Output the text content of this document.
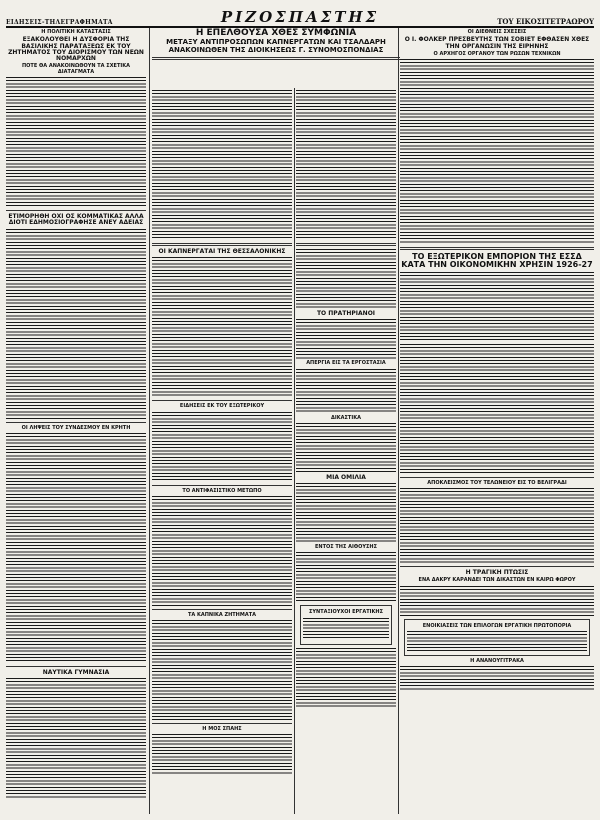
ΕΙΔΗΣΕΙΣ-ΤΗΛΕΓΡΑΦΗΜΑΤΑ	ΡΙΖΟΣΠΑΣΤΗΣ	ΤΟΥ ΕΙΚΟΣΙΤΕΤΡΑΩΡΟΥ
Η ΠΟΛΙΤΙΚΗ ΚΑΤΑΣΤΑΣΙΣ
ΕΞΑΚΟΛΟΥΘΕΙ Η ΔΥΣΦΟΡΙΑ ΤΗΣ ΒΑΣΙΛΙΚΗΣ ΠΑΡΑΤΑΞΕΩΣ ΕΚ ΤΟΥ ΖΗΤΗΜΑΤΟΣ ΤΟΥ ΔΙΟΡΙΣΜΟΥ ΤΩΝ ΝΕΩΝ ΝΟΜΑΡΧΩΝ
ΠΟΤΕ ΘΑ ΑΝΑΚΟΙΝΩΘΟΥΝ ΤΑ ΣΧΕΤΙΚΑ ΔΙΑΤΑΓΜΑΤΑ
ΕΤΙΜΟΡΗΘΗ ΟΧΙ ΟΣ ΚΟΜΜΑΤΙΚΑΣ ΑΛΛΑ ΔΙΟΤΙ ΕΔΗΜΟΣΙΟΓΡΑΦΗΣΕ ΑΝΕΥ ΑΔΕΙΑΣ
ΟΙ ΛΗΨΕΙΣ ΤΟΥ ΣΥΝΔΕΣΜΟΥ ΕΝ ΚΡΗΤΗ
ΝΑΥΤΙΚΑ ΓΥΜΝΑΣΙΑ
Η ΕΠΕΛΘΟΥΣΑ ΧΘΕΣ ΣΥΜΦΩΝΙΑ
ΜΕΤΑΞΥ ΑΝΤΙΠΡΟΣΩΠΩΝ ΚΑΠΝΕΡΓΑΤΩΝ ΚΑΙ ΤΣΑΛΔΑΡΗ
ΑΝΑΚΟΙΝΩΘΕΝ ΤΗΣ ΔΙΟΙΚΗΣΕΩΣ Γ. ΣΥΝΟΜΟΣΠΟΝΔΙΑΣ
ΟΙ ΚΑΠΝΕΡΓΑΤΑΙ ΤΗΣ ΘΕΣΣΑΛΟΝΙΚΗΣ
ΕΙΔΗΣΕΙΣ ΕΚ ΤΟΥ ΕΞΩΤΕΡΙΚΟΥ
ΤΟ ΑΝΤΙΦΑΣΙΣΤΙΚΟ ΜΕΤΩΠΟ
ΤΑ ΚΑΠΝΙΚΑ ΖΗΤΗΜΑΤΑ
Η ΜΟΣ ΣΠΑΗΣ
ΤΟ ΠΡΑΤΗΡΙΑΝΟΙ
ΑΠΕΡΓΙΑ ΕΙΣ ΤΑ ΕΡΓΟΣΤΑΣΙΑ
ΔΙΚΑΣΤΙΚΑ
ΜΙΑ ΟΜΙΛΙΑ
ΕΝΤΟΣ ΤΗΣ ΑΙΘΟΥΣΗΣ
ΣΥΝΤΑΞΙΟΥΧΟΙ ΕΡΓΑΤΙΚΗΣ
ΟΙ ΔΙΕΘΝΕΙΣ ΣΧΕΣΕΙΣ
Ο Ι. ΦΟΛΚΕΡ ΠΡΕΣΒΕΥΤΗΣ ΤΩΝ ΣΟΒΙΕΤ ΕΦΘΑΣΕΝ ΧΘΕΣ ΤΗΝ ΟΡΓΑΝΩΣΙΝ ΤΗΣ ΕΙΡΗΝΗΣ
Ο ΑΡΧΗΓΟΣ ΟΡΓΑΝΟΥ ΤΩΝ ΡΩΣΩΝ ΤΕΧΝΙΚΩΝ
ΤΟ ΕΞΩΤΕΡΙΚΟΝ ΕΜΠΟΡΙΟΝ ΤΗΣ ΕΣΣΔ ΚΑΤΑ ΤΗΝ ΟΙΚΟΝΟΜΙΚΗΝ ΧΡΗΣΙΝ 1926-27
ΑΠΟΚΛΕΙΣΜΟΣ ΤΟΥ ΤΕΛΩΝΕΙΟΥ ΕΙΣ ΤΟ ΒΕΛΙΓΡΑΔΙ
Η ΤΡΑΓΙΚΗ ΠΤΩΣΙΣ
ΕΝΑ ΔΑΚΡΥ ΚΑΡΑΝΔΕΙ ΤΩΝ ΔΙΚΑΣΤΩΝ ΕΝ ΚΑΙΡΩ ΦΩΡΟΥ
ΕΝΟΙΚΙΑΣΕΙΣ ΤΩΝ ΕΠΙΛΟΓΩΝ ΕΡΓΑΤΙΚΗ ΠΡΩΤΟΠΟΡΙΑ
Η ΑΝΑΝΟΥΓΙΤΡΑΚΑ
